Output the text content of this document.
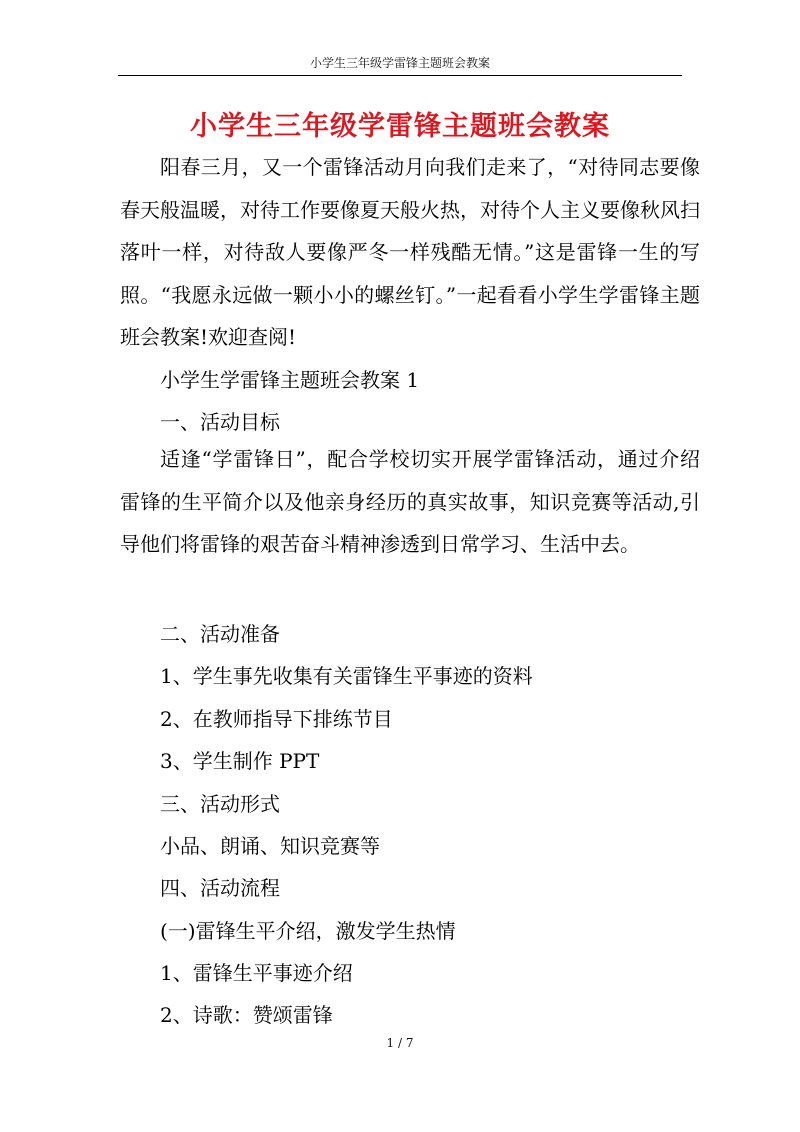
小学生三年级学雷锋主题班会教案
小学生三年级学雷锋主题班会教案
阳春三月，又一个雷锋活动月向我们走来了，“对待同志要像春天般温暖，对待工作要像夏天般火热，对待个人主义要像秋风扫落叶一样，对待敌人要像严冬一样残酷无情。”这是雷锋一生的写照。“我愿永远做一颗小小的螺丝钉。”一起看看小学生学雷锋主题班会教案!欢迎查阅!
小学生学雷锋主题班会教案 1
一、活动目标
适逢“学雷锋日”，配合学校切实开展学雷锋活动，通过介绍雷锋的生平简介以及他亲身经历的真实故事，知识竞赛等活动,引导他们将雷锋的艰苦奋斗精神渗透到日常学习、生活中去。
二、活动准备
1、学生事先收集有关雷锋生平事迹的资料
2、在教师指导下排练节目
3、学生制作 PPT
三、活动形式
小品、朗诵、知识竞赛等
四、活动流程
(一)雷锋生平介绍，激发学生热情
1、雷锋生平事迹介绍
2、诗歌：赞颂雷锋
1 / 7
